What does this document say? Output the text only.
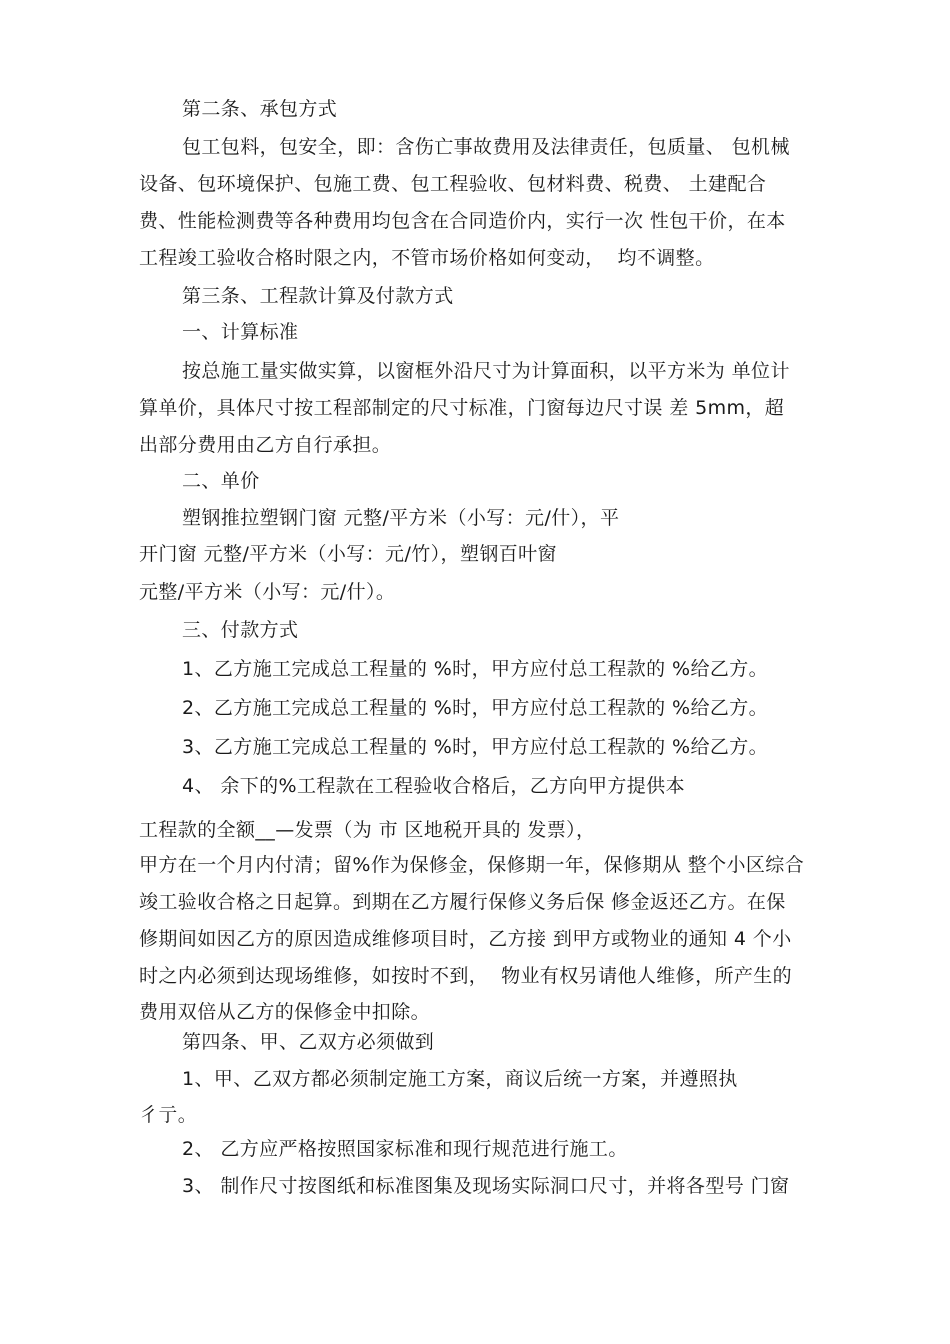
第二条、承包方式
包工包料，包安全，即：含伤亡事故费用及法律责任，包质量、 包机械
设备、包环境保护、包施工费、包工程验收、包材料费、税费、 土建配合
费、性能检测费等各种费用均包含在合同造价内，实行一次 性包干价，在本
工程竣工验收合格时限之内，不管市场价格如何变动，  均不调整。
第三条、工程款计算及付款方式
一、计算标准
按总施工量实做实算，以窗框外沿尺寸为计算面积，以平方米为 单位计
算单价，具体尺寸按工程部制定的尺寸标准，门窗每边尺寸误 差 5mm，超
出部分费用由乙方自行承担。
二、单价
塑钢推拉塑钢门窗 元整/平方米（小写：元/什），平
开门窗 元整/平方米（小写：元/竹），塑钢百叶窗
元整/平方米（小写：元/什）。
三、付款方式
1、乙方施工完成总工程量的 %时，甲方应付总工程款的 %给乙方。
2、乙方施工完成总工程量的 %时，甲方应付总工程款的 %给乙方。
3、乙方施工完成总工程量的 %时，甲方应付总工程款的 %给乙方。
4、 余下的%工程款在工程验收合格后，乙方向甲方提供本
工程款的全额__—发票（为 市 区地税开具的 发票），
甲方在一个月内付清；留%作为保修金，保修期一年，保修期从 整个小区综合
竣工验收合格之日起算。到期在乙方履行保修义务后保 修金返还乙方。在保
修期间如因乙方的原因造成维修项目时，乙方接 到甲方或物业的通知 4 个小
时之内必须到达现场维修，如按时不到，  物业有权另请他人维修，所产生的
费用双倍从乙方的保修金中扣除。
第四条、甲、乙双方必须做到
1、甲、乙双方都必须制定施工方案，商议后统一方案，并遵照执
彳亍。
2、 乙方应严格按照国家标准和现行规范进行施工。
3、 制作尺寸按图纸和标准图集及现场实际洞口尺寸，并将各型号 门窗
